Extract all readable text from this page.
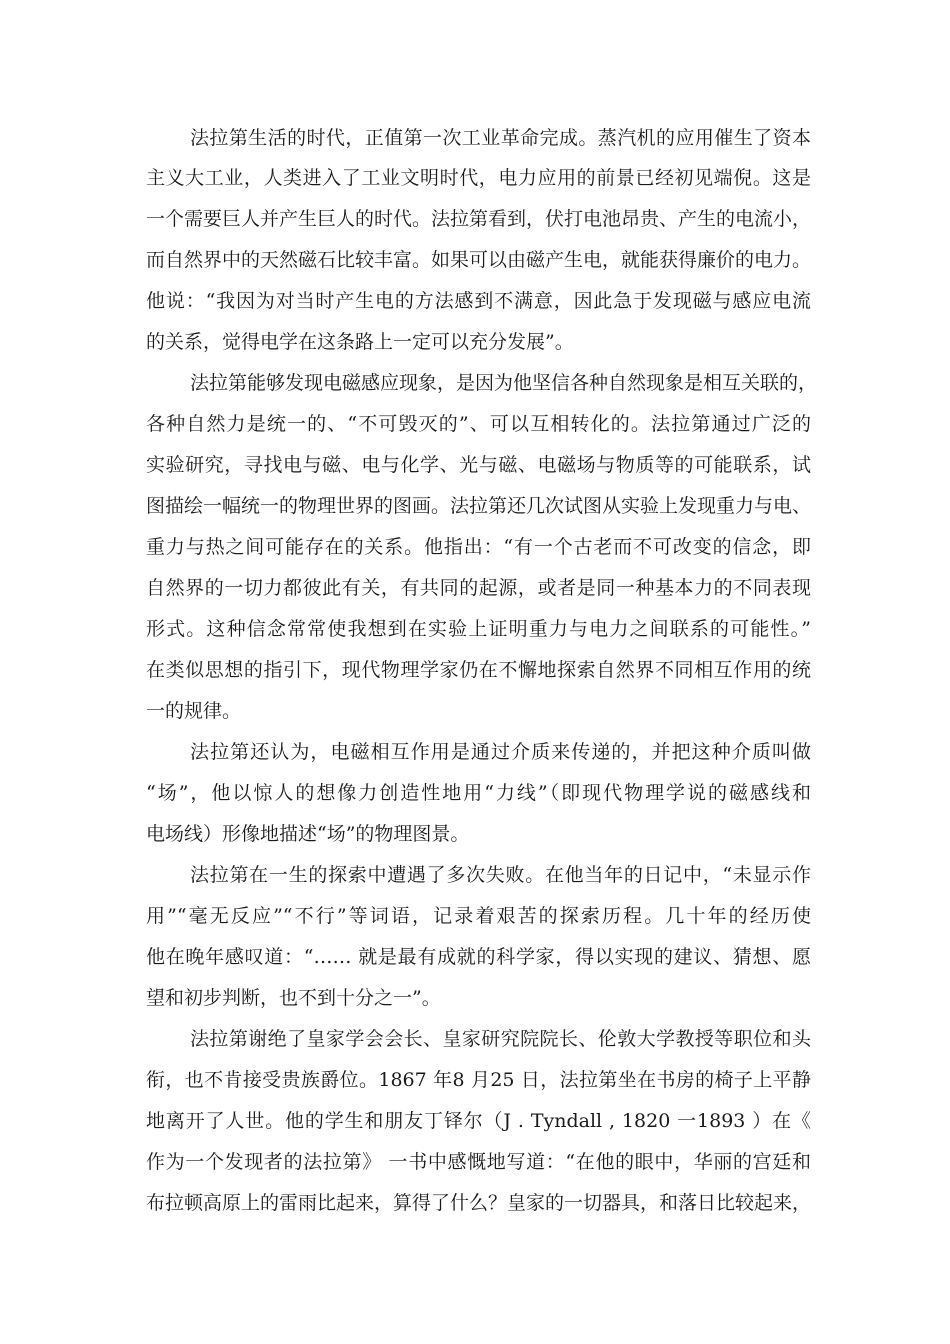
法拉第生活的时代，正值第一次工业革命完成。蒸汽机的应用催生了资本
主义大工业，人类进入了工业文明时代，电力应用的前景已经初见端倪。这是
一个需要巨人并产生巨人的时代。法拉第看到，伏打电池昂贵、产生的电流小，
而自然界中的天然磁石比较丰富。如果可以由磁产生电，就能获得廉价的电力。
他说：“我因为对当时产生电的方法感到不满意，因此急于发现磁与感应电流
的关系，觉得电学在这条路上一定可以充分发展”。
法拉第能够发现电磁感应现象，是因为他坚信各种自然现象是相互关联的，
各种自然力是统一的、“不可毁灭的”、可以互相转化的。法拉第通过广泛的
实验研究，寻找电与磁、电与化学、光与磁、电磁场与物质等的可能联系，试
图描绘一幅统一的物理世界的图画。法拉第还几次试图从实验上发现重力与电、
重力与热之间可能存在的关系。他指出：“有一个古老而不可改变的信念，即
自然界的一切力都彼此有关，有共同的起源，或者是同一种基本力的不同表现
形式。这种信念常常使我想到在实验上证明重力与电力之间联系的可能性。”
在类似思想的指引下，现代物理学家仍在不懈地探索自然界不同相互作用的统
一的规律。
法拉第还认为，电磁相互作用是通过介质来传递的，并把这种介质叫做
“场”，他以惊人的想像力创造性地用“力线”（即现代物理学说的磁感线和
电场线）形像地描述“场”的物理图景。
法拉第在一生的探索中遭遇了多次失败。在他当年的日记中，“未显示作
用”“毫无反应”“不行”等词语，记录着艰苦的探索历程。几十年的经历使
他在晚年感叹道：“…… 就是最有成就的科学家，得以实现的建议、猜想、愿
望和初步判断，也不到十分之一”。
法拉第谢绝了皇家学会会长、皇家研究院院长、伦敦大学教授等职位和头
衔，也不肯接受贵族爵位。1867 年8 月25 日，法拉第坐在书房的椅子上平静
地离开了人世。他的学生和朋友丁铎尔（J . Tyndall , 1820 一1893 ）在《
作为一个发现者的法拉第》 一书中感慨地写道：“在他的眼中，华丽的宫廷和
布拉顿高原上的雷雨比起来，算得了什么？皇家的一切器具，和落日比较起来，
